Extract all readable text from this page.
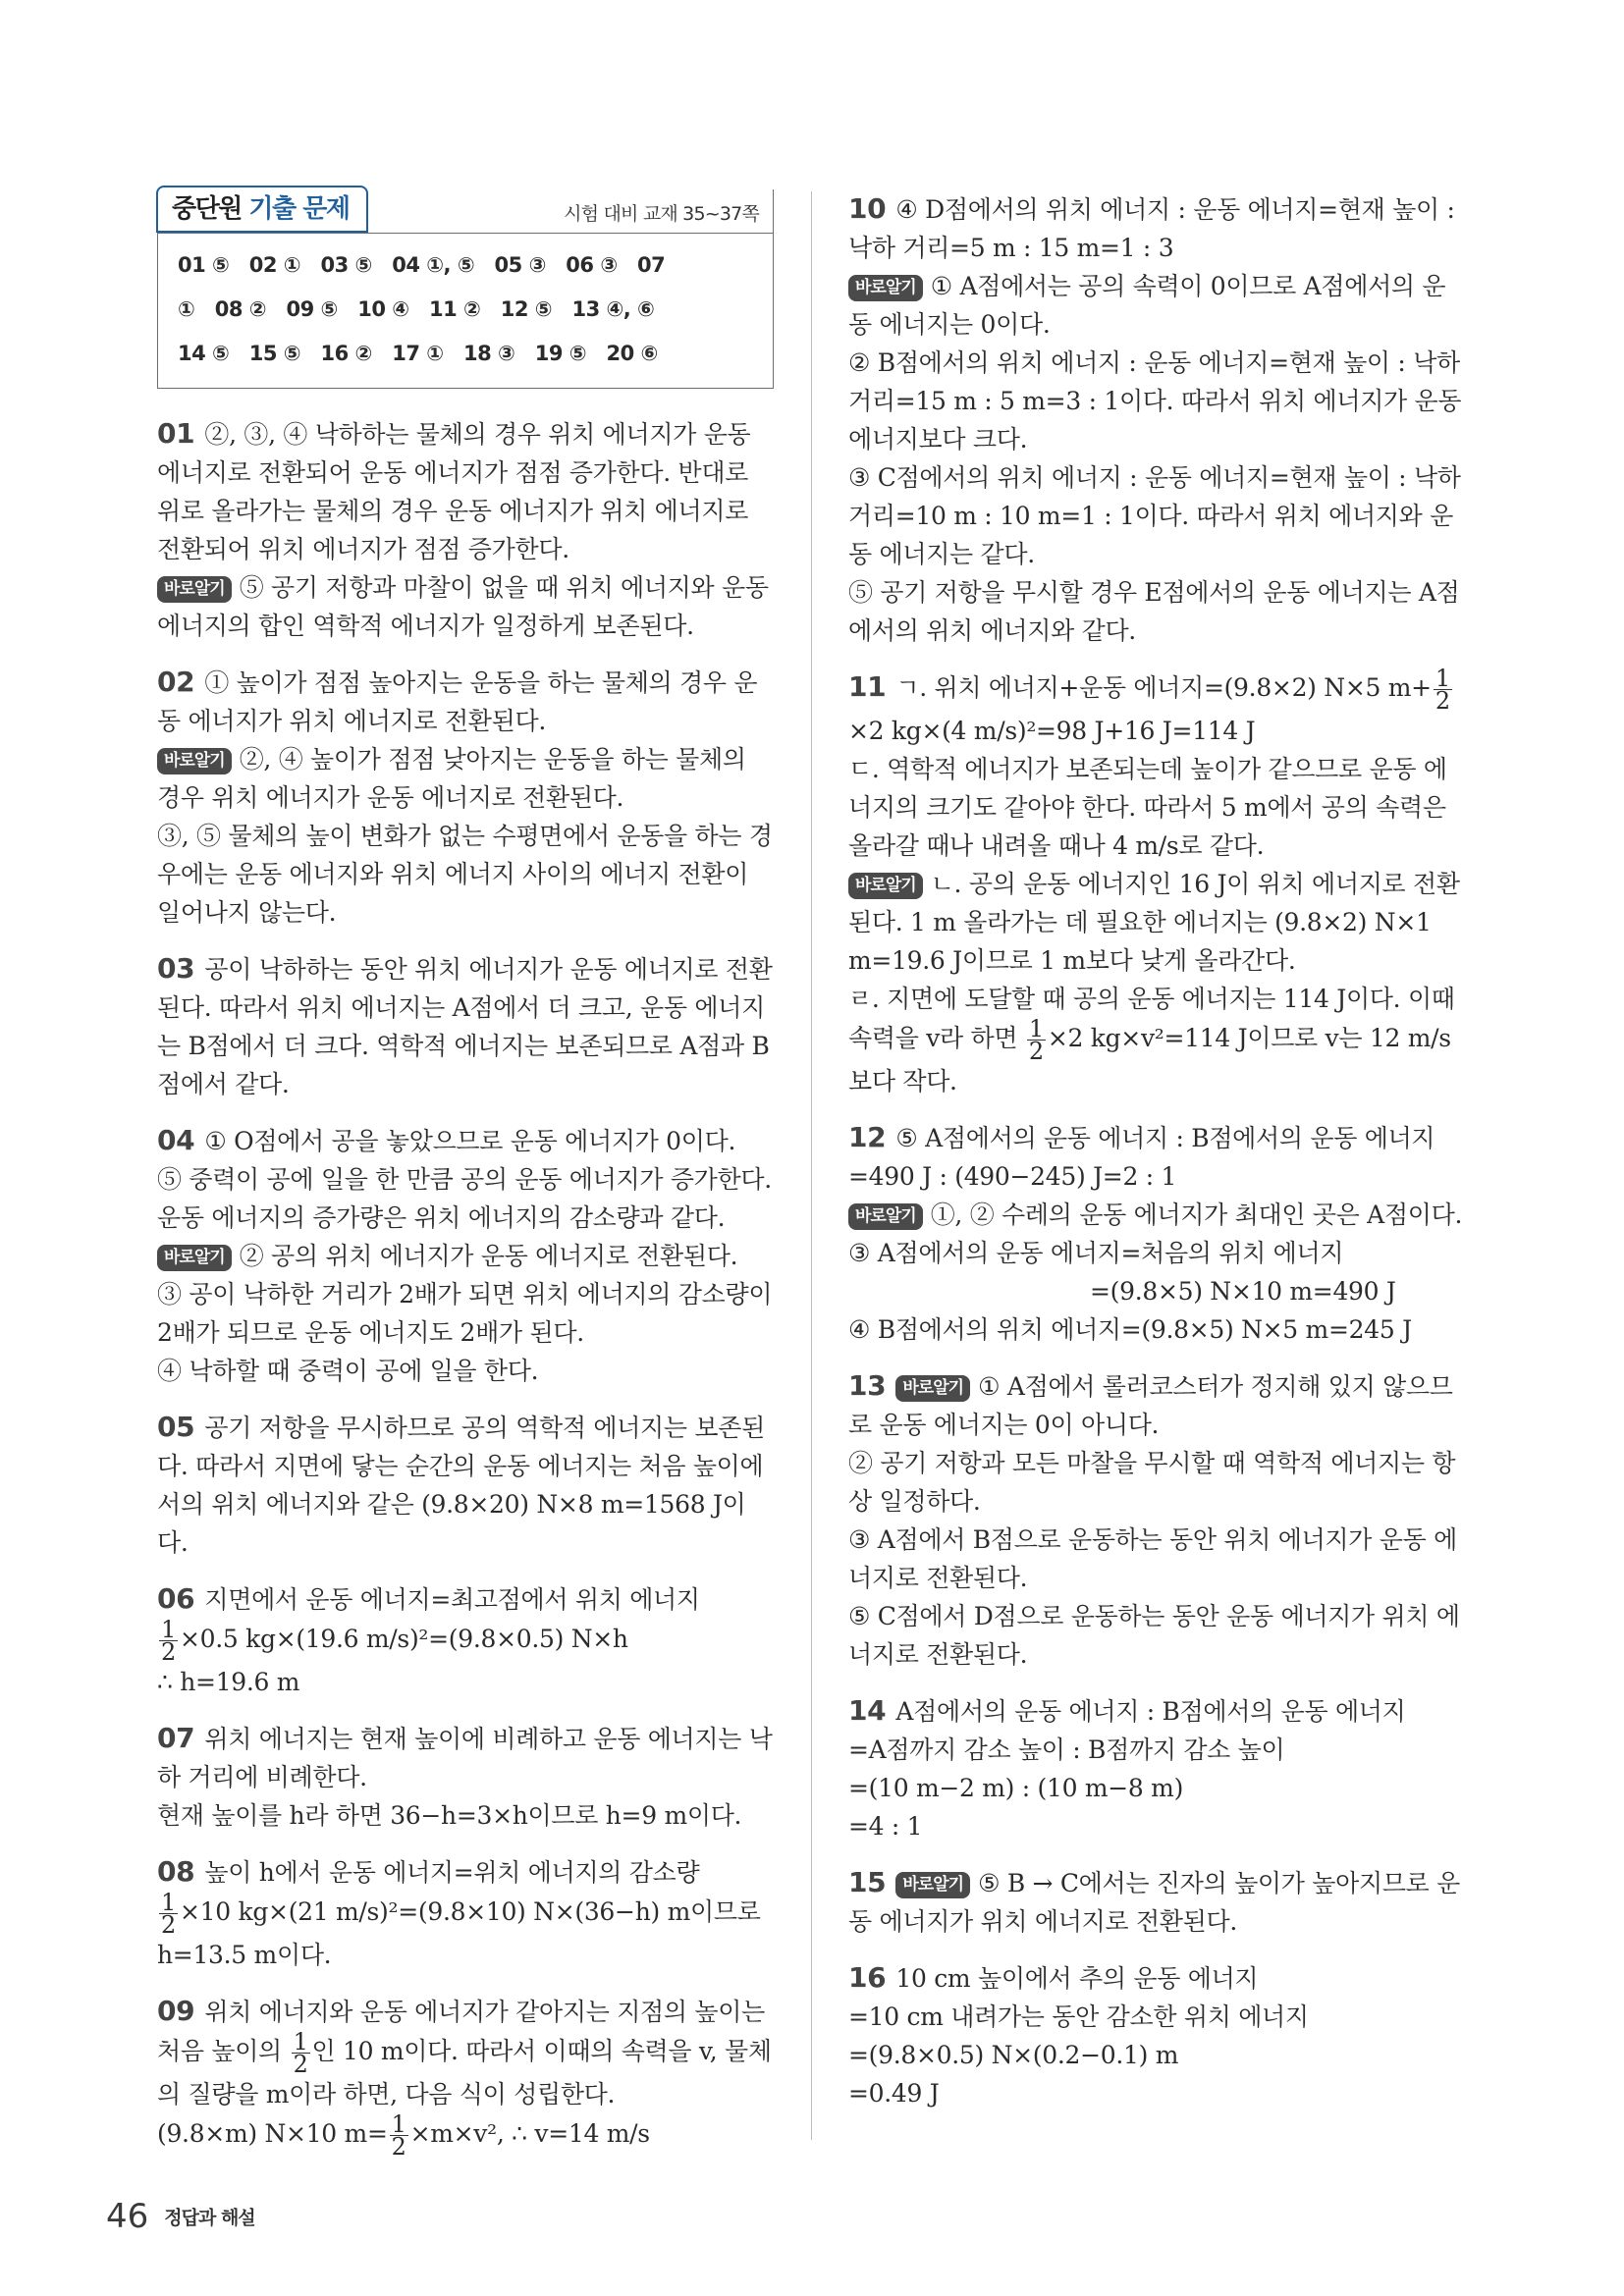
중단원 기출 문제	시험 대비 교재 35~37쪽
01 ⑤   02 ①   03 ⑤   04 ①, ⑤   05 ③   06 ③   07
①   08 ②   09 ⑤   10 ④   11 ②   12 ⑤   13 ④, ⑥
14 ⑤   15 ⑤   16 ②   17 ①   18 ③   19 ⑤   20 ⑥

01 ②, ③, ④ 낙하하는 물체의 경우 위치 에너지가 운동 에너지로 전환되어 운동 에너지가 점점 증가한다. 반대로 위로 올라가는 물체의 경우 운동 에너지가 위치 에너지로 전환되어 위치 에너지가 점점 증가한다.

바로알기 ⑤ 공기 저항과 마찰이 없을 때 위치 에너지와 운동 에너지의 합인 역학적 에너지가 일정하게 보존된다.

02 ① 높이가 점점 높아지는 운동을 하는 물체의 경우 운동 에너지가 위치 에너지로 전환된다.

바로알기 ②, ④ 높이가 점점 낮아지는 운동을 하는 물체의 경우 위치 에너지가 운동 에너지로 전환된다.

③, ⑤ 물체의 높이 변화가 없는 수평면에서 운동을 하는 경우에는 운동 에너지와 위치 에너지 사이의 에너지 전환이 일어나지 않는다.

03 공이 낙하하는 동안 위치 에너지가 운동 에너지로 전환된다. 따라서 위치 에너지는 A점에서 더 크고, 운동 에너지는 B점에서 더 크다. 역학적 에너지는 보존되므로 A점과 B점에서 같다.

04 ① O점에서 공을 놓았으므로 운동 에너지가 0이다.

⑤ 중력이 공에 일을 한 만큼 공의 운동 에너지가 증가한다. 운동 에너지의 증가량은 위치 에너지의 감소량과 같다.

바로알기 ② 공의 위치 에너지가 운동 에너지로 전환된다.

③ 공이 낙하한 거리가 2배가 되면 위치 에너지의 감소량이 2배가 되므로 운동 에너지도 2배가 된다.

④ 낙하할 때 중력이 공에 일을 한다.

05 공기 저항을 무시하므로 공의 역학적 에너지는 보존된다. 따라서 지면에 닿는 순간의 운동 에너지는 처음 높이에서의 위치 에너지와 같은 (9.8×20) N×8 m=1568 J이다.

06 지면에서 운동 에너지=최고점에서 위치 에너지

$\frac{1}{2} \times 0.5$ kg×(19.6 m/s)²=(9.8×0.5) N×h

∴ h=19.6 m

07 위치 에너지는 현재 높이에 비례하고 운동 에너지는 낙하 거리에 비례한다.

현재 높이를 h라 하면 36−h=3×h이므로 h=9 m이다.

08 높이 h에서 운동 에너지=위치 에너지의 감소량

$\frac{1}{2} \times 10$ kg×(21 m/s)²=(9.8×10) N×(36−h) m이므로

h=13.5 m이다.

09 위치 에너지와 운동 에너지가 같아지는 지점의 높이는 처음 높이의 $\frac{1}{2}$ 인 10 m이다. 따라서 이때의 속력을 v, 물체의 질량을 m이라 하면, 다음 식이 성립한다.

(9.8×m) N×10 $m= \frac{1}{2} \times m\times v^2$, ∴ v=14 m/s

10 ④ D점에서의 위치 에너지 : 운동 에너지=현재 높이 : 낙하 거리=5 m : 15 m=1 : 3

바로알기 ① A점에서는 공의 속력이 0이므로 A점에서의 운동 에너지는 0이다.

② B점에서의 위치 에너지 : 운동 에너지=현재 높이 : 낙하 거리=15 m : 5 m=3 : 1이다. 따라서 위치 에너지가 운동 에너지보다 크다.

③ C점에서의 위치 에너지 : 운동 에너지=현재 높이 : 낙하 거리=10 m : 10 m=1 : 1이다. 따라서 위치 에너지와 운동 에너지는 같다.

⑤ 공기 저항을 무시할 경우 E점에서의 운동 에너지는 A점에서의 위치 에너지와 같다.

11 ㄱ. 위치 에너지+운동 에너지=(9.8×2) N×5 $m+ \frac{1}{2}$

×2 kg×(4 m/s)²=98 J+16 J=114 J

ㄷ. 역학적 에너지가 보존되는데 높이가 같으므로 운동 에너지의 크기도 같아야 한다. 따라서 5 m에서 공의 속력은 올라갈 때나 내려올 때나 4 m/s로 같다.

바로알기 ㄴ. 공의 운동 에너지인 16 J이 위치 에너지로 전환된다. 1 m 올라가는 데 필요한 에너지는 (9.8×2) N×1 m=19.6 J이므로 1 m보다 낮게 올라간다.

ㄹ. 지면에 도달할 때 공의 운동 에너지는 114 J이다. 이때 속력을 v라 하면 $\frac{1}{2} \times 2$ kg×v²=114 J이므로 v는 12 m/s보다 작다.

12 ⑤ A점에서의 운동 에너지 : B점에서의 운동 에너지

=490 J : (490−245) J=2 : 1

바로알기 ①, ② 수레의 운동 에너지가 최대인 곳은 A점이다.

③ A점에서의 운동 에너지=처음의 위치 에너지

=(9.8×5) N×10 m=490 J

④ B점에서의 위치 에너지=(9.8×5) N×5 m=245 J

13 바로알기 ① A점에서 롤러코스터가 정지해 있지 않으므로 운동 에너지는 0이 아니다.

② 공기 저항과 모든 마찰을 무시할 때 역학적 에너지는 항상 일정하다.

③ A점에서 B점으로 운동하는 동안 위치 에너지가 운동 에너지로 전환된다.

⑤ C점에서 D점으로 운동하는 동안 운동 에너지가 위치 에너지로 전환된다.

14 A점에서의 운동 에너지 : B점에서의 운동 에너지

=A점까지 감소 높이 : B점까지 감소 높이

=(10 m−2 m) : (10 m−8 m)

=4 : 1

15 바로알기 ⑤ B → C에서는 진자의 높이가 높아지므로 운동 에너지가 위치 에너지로 전환된다.

16 10 cm 높이에서 추의 운동 에너지

=10 cm 내려가는 동안 감소한 위치 에너지

=(9.8×0.5) N×(0.2−0.1) m

=0.49 J

46 정답과 해설
